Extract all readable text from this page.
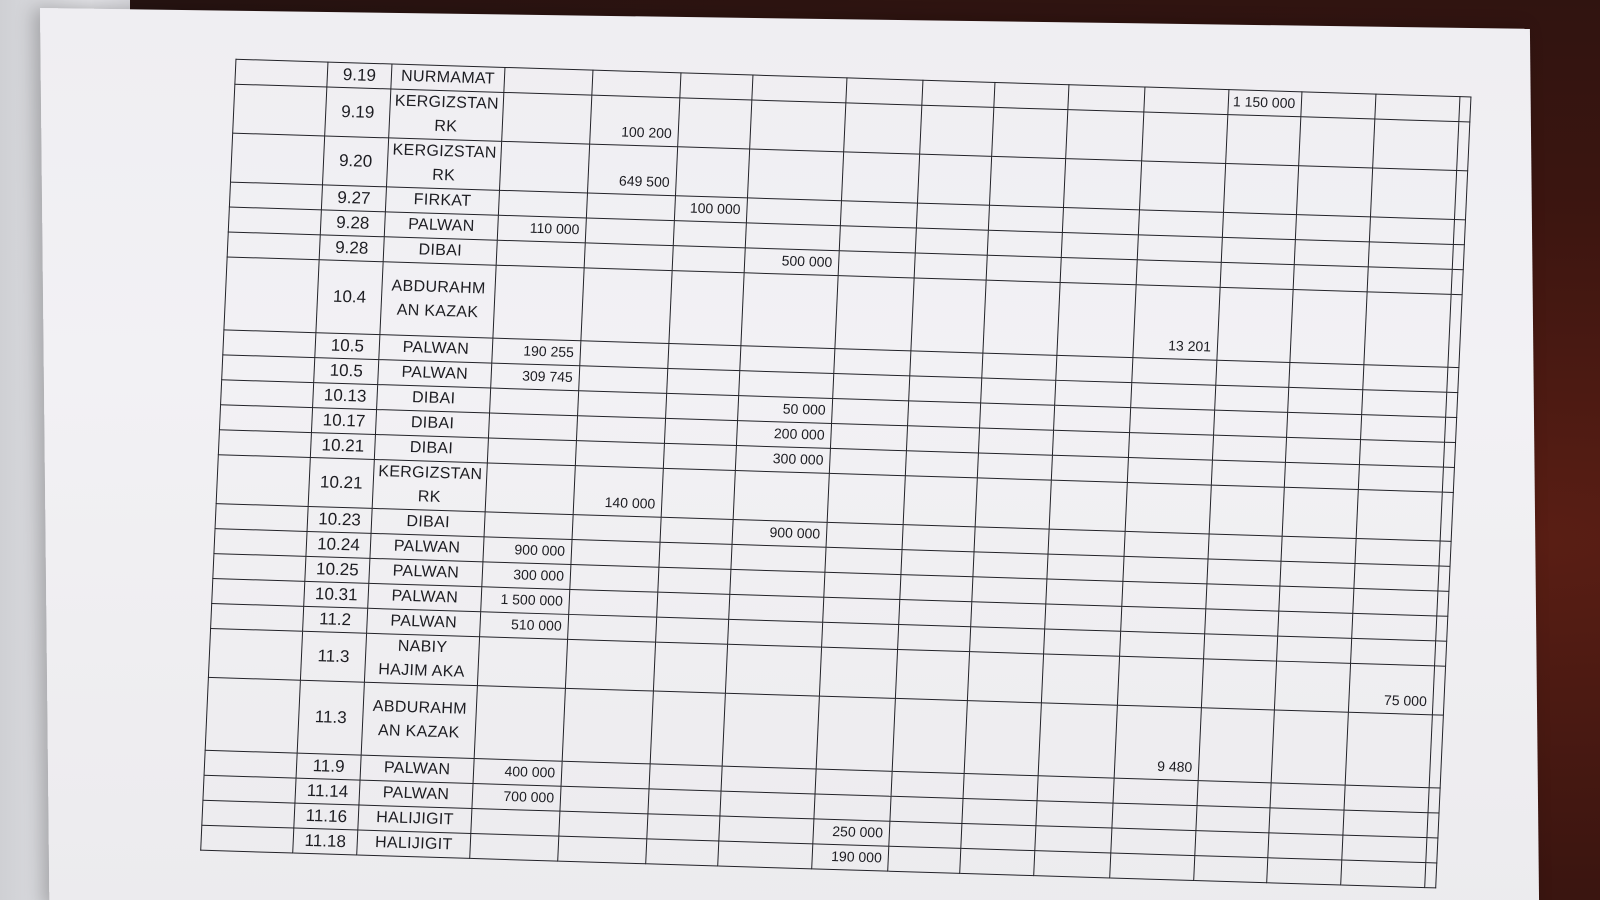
	9.19	NURMAMAT										1 150 000			
	9.19	KERGIZSTAN
RK		100 200											
	9.20	KERGIZSTAN
RK		649 500											
	9.27	FIRKAT			100 000										
	9.28	PALWAN	110 000												
	9.28	DIBAI				500 000									
	10.4	ABDURAHM
AN KAZAK									13 201				
	10.5	PALWAN	190 255												
	10.5	PALWAN	309 745												
	10.13	DIBAI				50 000									
	10.17	DIBAI				200 000									
	10.21	DIBAI				300 000									
	10.21	KERGIZSTAN
RK		140 000											
	10.23	DIBAI				900 000									
	10.24	PALWAN	900 000												
	10.25	PALWAN	300 000												
	10.31	PALWAN	1 500 000												
	11.2	PALWAN	510 000												
	11.3	NABIY
HAJIM AKA												75 000	
	11.3	ABDURAHM
AN KAZAK									9 480				
	11.9	PALWAN	400 000												
	11.14	PALWAN	700 000												
	11.16	HALIJIGIT					250 000								
	11.18	HALIJIGIT					190 000								
